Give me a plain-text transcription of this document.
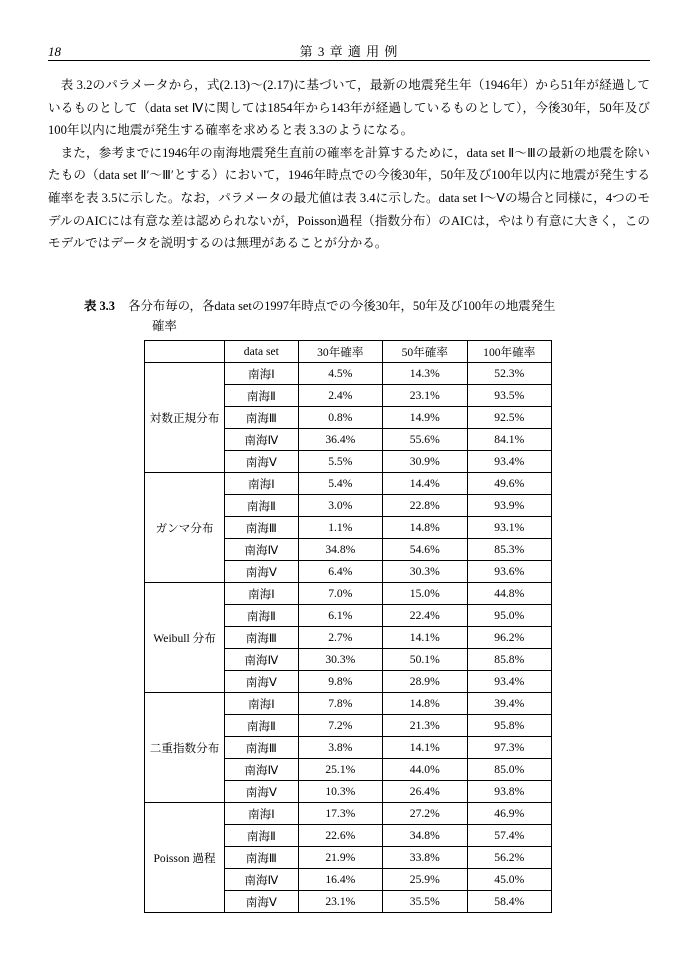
18	第 3 章 適 用 例

表 3.2のパラメータから，式(2.13)〜(2.17)に基づいて，最新の地震発生年（1946年）から51年が経過しているものとして（data set Ⅳに関しては1854年から143年が経過しているものとして），今後30年，50年及び100年以内に地震が発生する確率を求めると表 3.3のようになる。

また，参考までに1946年の南海地震発生直前の確率を計算するために，data set Ⅱ〜Ⅲの最新の地震を除いたもの（data set Ⅱ′〜Ⅲ′とする）において，1946年時点での今後30年，50年及び100年以内に地震が発生する確率を表 3.5に示した。なお，パラメータの最尤値は表 3.4に示した。data set Ⅰ〜Ⅴの場合と同様に，4つのモデルのAICには有意な差は認められないが，Poisson過程（指数分布）のAICは，やはり有意に大きく，このモデルではデータを説明するのは無理があることが分かる。

表 3.3 各分布毎の，各data setの1997年時点での今後30年，50年及び100年の地震発生
確率
	data set	30年確率	50年確率	100年確率
対数正規分布	南海Ⅰ	4.5%	14.3%	52.3%
	南海Ⅱ	2.4%	23.1%	93.5%
	南海Ⅲ	0.8%	14.9%	92.5%
	南海Ⅳ	36.4%	55.6%	84.1%
	南海Ⅴ	5.5%	30.9%	93.4%
ガンマ分布	南海Ⅰ	5.4%	14.4%	49.6%
	南海Ⅱ	3.0%	22.8%	93.9%
	南海Ⅲ	1.1%	14.8%	93.1%
	南海Ⅳ	34.8%	54.6%	85.3%
	南海Ⅴ	6.4%	30.3%	93.6%
Weibull 分布	南海Ⅰ	7.0%	15.0%	44.8%
	南海Ⅱ	6.1%	22.4%	95.0%
	南海Ⅲ	2.7%	14.1%	96.2%
	南海Ⅳ	30.3%	50.1%	85.8%
	南海Ⅴ	9.8%	28.9%	93.4%
二重指数分布	南海Ⅰ	7.8%	14.8%	39.4%
	南海Ⅱ	7.2%	21.3%	95.8%
	南海Ⅲ	3.8%	14.1%	97.3%
	南海Ⅳ	25.1%	44.0%	85.0%
	南海Ⅴ	10.3%	26.4%	93.8%
Poisson 過程	南海Ⅰ	17.3%	27.2%	46.9%
	南海Ⅱ	22.6%	34.8%	57.4%
	南海Ⅲ	21.9%	33.8%	56.2%
	南海Ⅳ	16.4%	25.9%	45.0%
	南海Ⅴ	23.1%	35.5%	58.4%
